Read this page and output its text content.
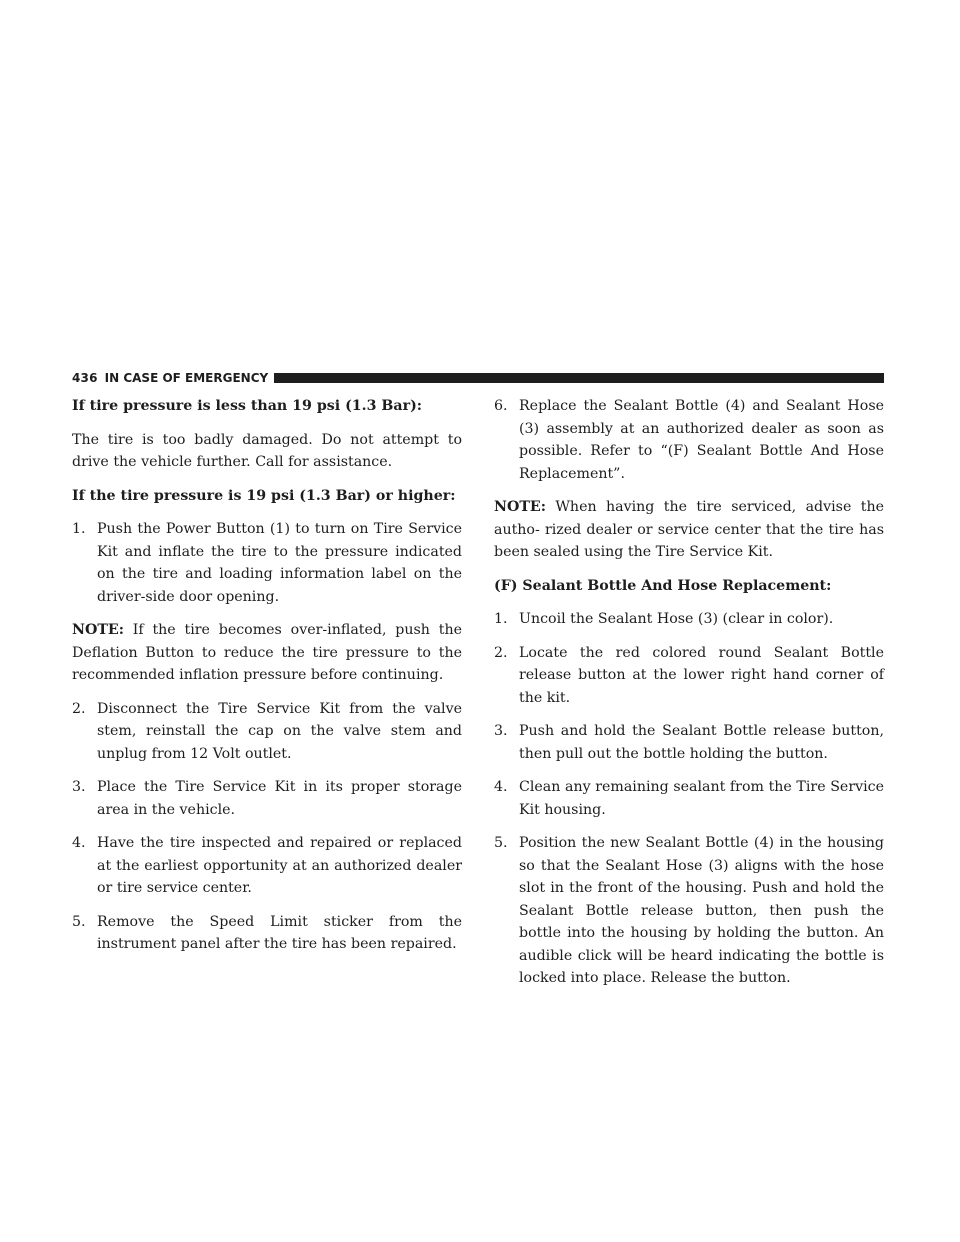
436 IN CASE OF EMERGENCY

If tire pressure is less than 19 psi (1.3 Bar):

The tire is too badly damaged. Do not attempt to drive the vehicle further. Call for assistance.

If the tire pressure is 19 psi (1.3 Bar) or higher:

1. Push the Power Button (1) to turn on Tire Service Kit and inflate the tire to the pressure indicated on the tire and loading information label on the driver-side door opening.

NOTE: If the tire becomes over-inflated, push the Deflation Button to reduce the tire pressure to the recommended inflation pressure before continuing.

2. Disconnect the Tire Service Kit from the valve stem, reinstall the cap on the valve stem and unplug from 12 Volt outlet.
3. Place the Tire Service Kit in its proper storage area in the vehicle.
4. Have the tire inspected and repaired or replaced at the earliest opportunity at an authorized dealer or tire service center.
5. Remove the Speed Limit sticker from the instrument panel after the tire has been repaired.
6. Replace the Sealant Bottle (4) and Sealant Hose (3) assembly at an authorized dealer as soon as possible. Refer to “(F) Sealant Bottle And Hose Replacement”.

NOTE: When having the tire serviced, advise the autho- rized dealer or service center that the tire has been sealed using the Tire Service Kit.

(F) Sealant Bottle And Hose Replacement:

1. Uncoil the Sealant Hose (3) (clear in color).
2. Locate the red colored round Sealant Bottle release button at the lower right hand corner of the kit.
3. Push and hold the Sealant Bottle release button, then pull out the bottle holding the button.
4. Clean any remaining sealant from the Tire Service Kit housing.
5. Position the new Sealant Bottle (4) in the housing so that the Sealant Hose (3) aligns with the hose slot in the front of the housing. Push and hold the Sealant Bottle release button, then push the bottle into the housing by holding the button. An audible click will be heard indicating the bottle is locked into place. Release the button.
